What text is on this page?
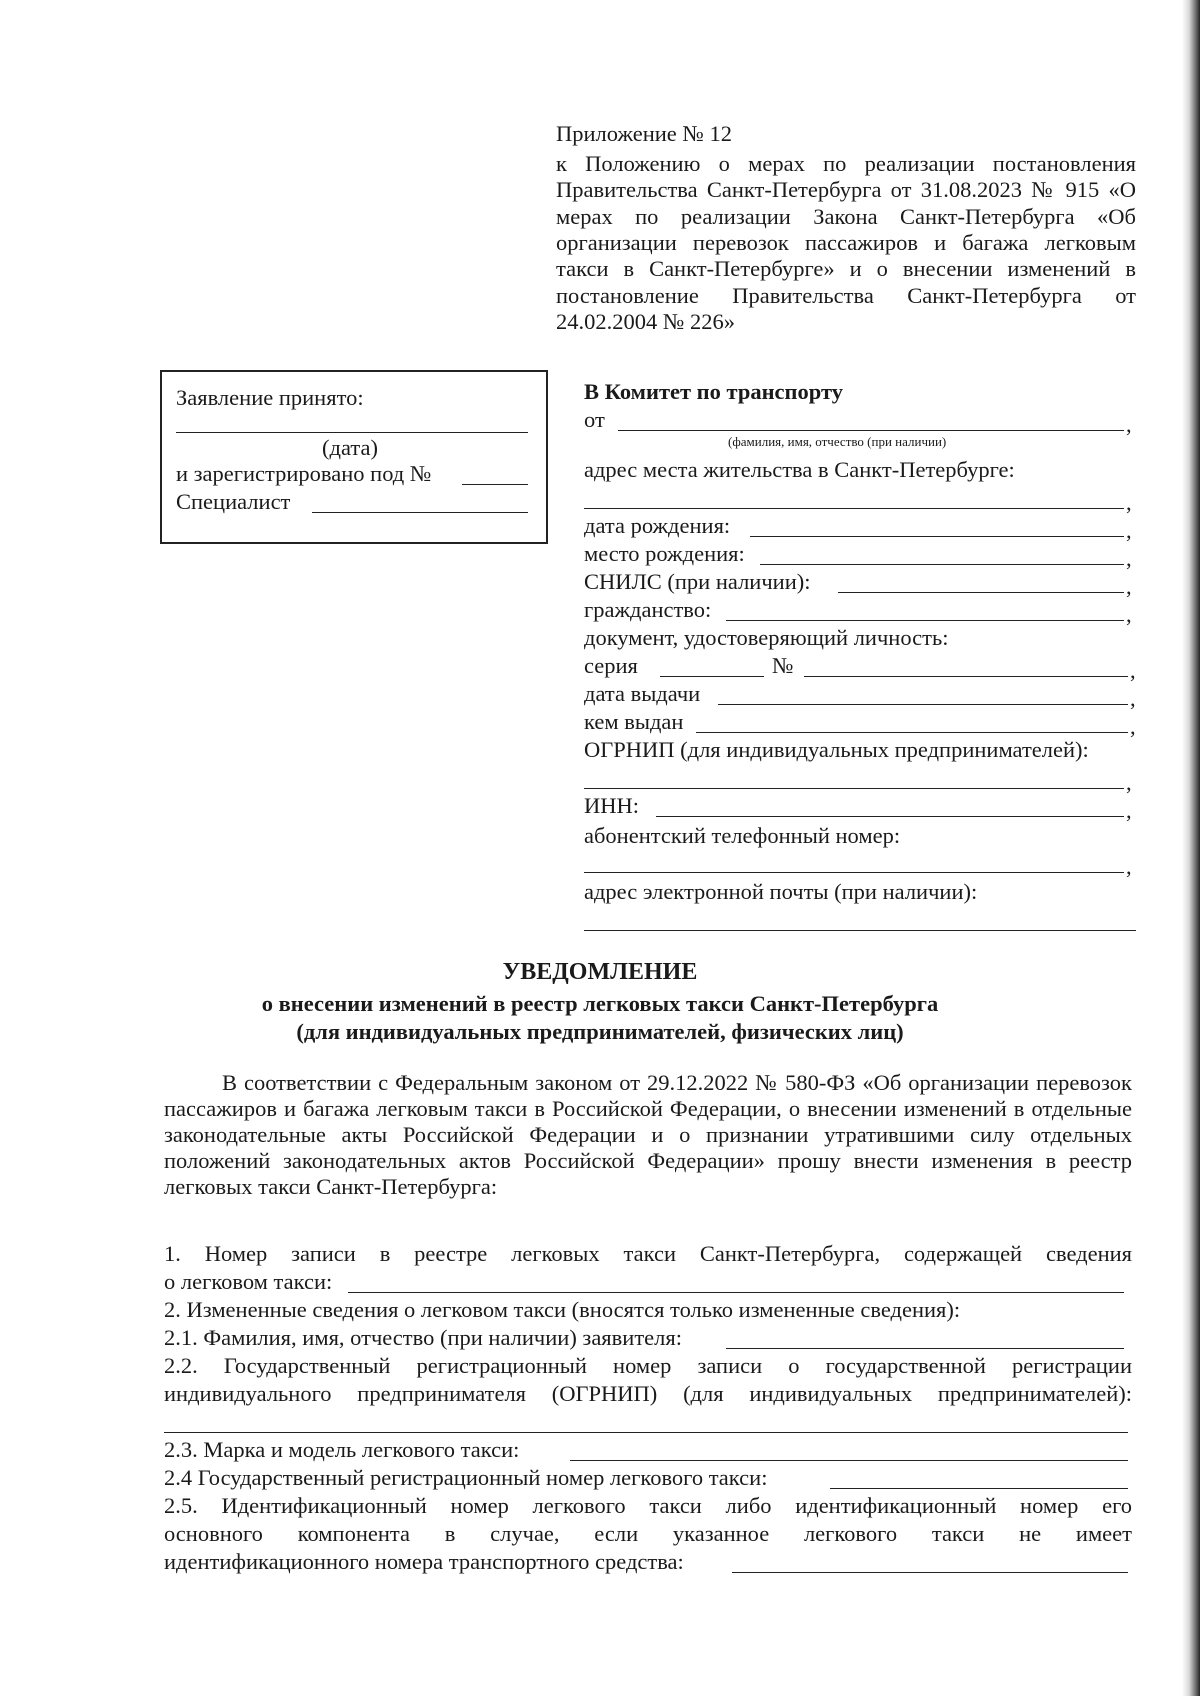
Приложение № 12
к Положению о мерах по реализации постановления Правительства Санкт-Петербурга от 31.08.2023 № 915 «О мерах по реализации Закона Санкт-Петербурга «Об организации перевозок пассажиров и багажа легковым такси в Санкт-Петербурге» и о внесении изменений в постановление Правительства Санкт-Петербурга от 24.02.2004 № 226»
Заявление принято:
(дата)
и зарегистрировано под №
Специалист
В Комитет по транспорту
от	,
(фамилия, имя, отчество (при наличии)
адрес места жительства в Санкт-Петербурге:
,
дата рождения:	,
место рождения:	,
СНИЛС (при наличии):	,
гражданство:	,
документ, удостоверяющий личность:
серия	№	,
дата выдачи	,
кем выдан	,
ОГРНИП (для индивидуальных предпринимателей):
,
ИНН:	,
абонентский телефонный номер:
,
адрес электронной почты (при наличии):
УВЕДОМЛЕНИЕ
о внесении изменений в реестр легковых такси Санкт-Петербурга
(для индивидуальных предпринимателей, физических лиц)
В соответствии с Федеральным законом от 29.12.2022 № 580-ФЗ «Об организации перевозок пассажиров и багажа легковым такси в Российской Федерации, о внесении изменений в отдельные законодательные акты Российской Федерации и о признании утратившими силу отдельных положений законодательных актов Российской Федерации» прошу внести изменения в реестр легковых такси Санкт-Петербурга:
1. Номер записи в реестре легковых такси Санкт-Петербурга, содержащей сведения
о легковом такси:
2. Измененные сведения о легковом такси (вносятся только измененные сведения):
2.1. Фамилия, имя, отчество (при наличии) заявителя:
2.2. Государственный регистрационный номер записи о государственной регистрации
индивидуального предпринимателя (ОГРНИП) (для индивидуальных предпринимателей):
2.3. Марка и модель легкового такси:
2.4 Государственный регистрационный номер легкового такси:
2.5. Идентификационный номер легкового такси либо идентификационный номер его
основного компонента в случае, если указанное легкового такси не имеет
идентификационного номера транспортного средства:
